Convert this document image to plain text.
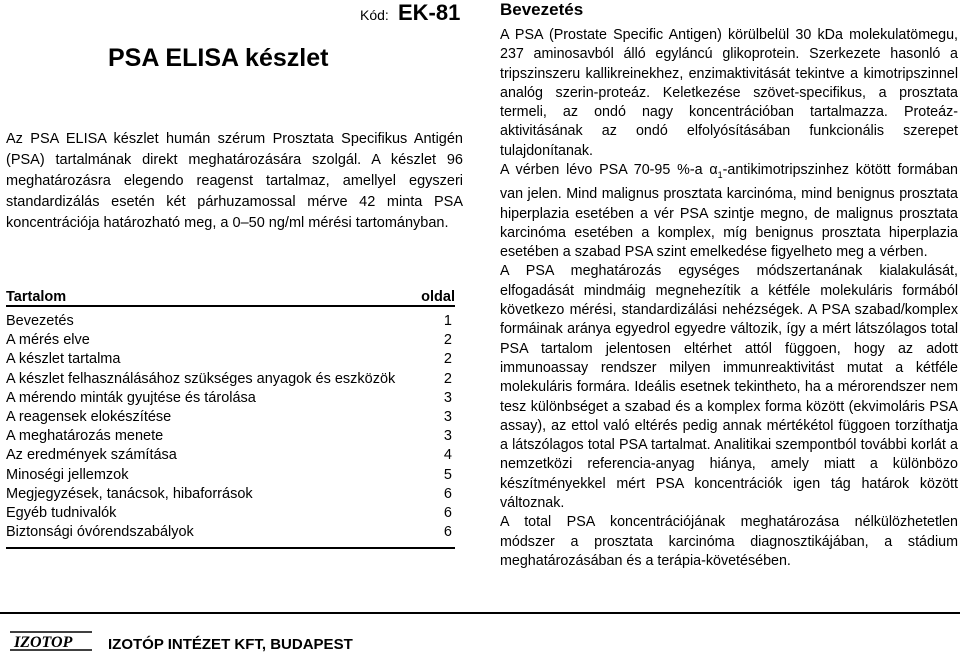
Kód: EK-81
PSA ELISA készlet

Az PSA ELISA készlet humán szérum Prosztata Specifikus Antigén (PSA) tartalmának direkt meghatározására szolgál. A készlet 96 meghatározásra elegendo reagenst tartalmaz, amellyel egyszeri standardizálás esetén két párhuzamossal mérve 42 minta PSA koncentrációja határozható meg, a 0–50 ng/ml mérési tartományban.

Tartalom	oldal
Bevezetés	1
A mérés elve	2
A készlet tartalma	2
A készlet felhasználásához szükséges anyagok és eszközök	2
A mérendo minták gyujtése és tárolása	3
A reagensek elokészítése	3
A meghatározás menete	3
Az eredmények számítása	4
Minoségi jellemzok	5
Megjegyzések, tanácsok, hibaforrások	6
Egyéb tudnivalók	6
Biztonsági óvórendszabályok	6
Bevezetés

A PSA (Prostate Specific Antigen) körülbelül 30 kDa molekulatömegu, 237 aminosavból álló egyláncú glikoprotein. Szerkezete hasonló a tripszinszeru kallikreinekhez, enzimaktivitását tekintve a kimotripszinnel analóg szerin-proteáz. Keletkezése szövet-specifikus, a prosztata termeli, az ondó nagy koncentrációban tartalmazza. Proteáz-aktivitásának az ondó elfolyósításában funkcionális szerepet tulajdonítanak.

A vérben lévo PSA 70-95 %-a $\alpha_1$-antikimotripszinhez kötött formában van jelen. Mind malignus prosztata karcinóma, mind benignus prosztata hiperplazia esetében a vér PSA szintje megno, de malignus prosztata karcinóma esetében a komplex, míg benignus prosztata hiperplazia esetében a szabad PSA szint emelkedése figyelheto meg a vérben.

A PSA meghatározás egységes módszertanának kialakulását, elfogadását mindmáig megnehezítik a kétféle molekuláris formából következo mérési, standardizálási nehézségek. A PSA szabad/komplex formáinak aránya egyedrol egyedre változik, így a mért látszólagos total PSA tartalom jelentosen eltérhet attól függoen, hogy az adott immunoassay rendszer milyen immunreaktivitást mutat a kétféle molekuláris formára. Ideális esetnek tekintheto, ha a mérorendszer nem tesz különbséget a szabad és a komplex forma között (ekvimoláris PSA assay), az ettol való eltérés pedig annak mértékétol függoen torzíthatja a látszólagos total PSA tartalmat. Analitikai szempontból további korlát a nemzetközi referencia-anyag hiánya, amely miatt a különbözo készítményekkel mért PSA koncentrációk igen tág határok között változnak.

A total PSA koncentrációjának meghatározása nélkülözhetetlen módszer a prosztata karcinóma diagnosztikájában, a stádium meghatározásában és a terápia-követésében.

IZOTOP IZOTÓP INTÉZET KFT, BUDAPEST
